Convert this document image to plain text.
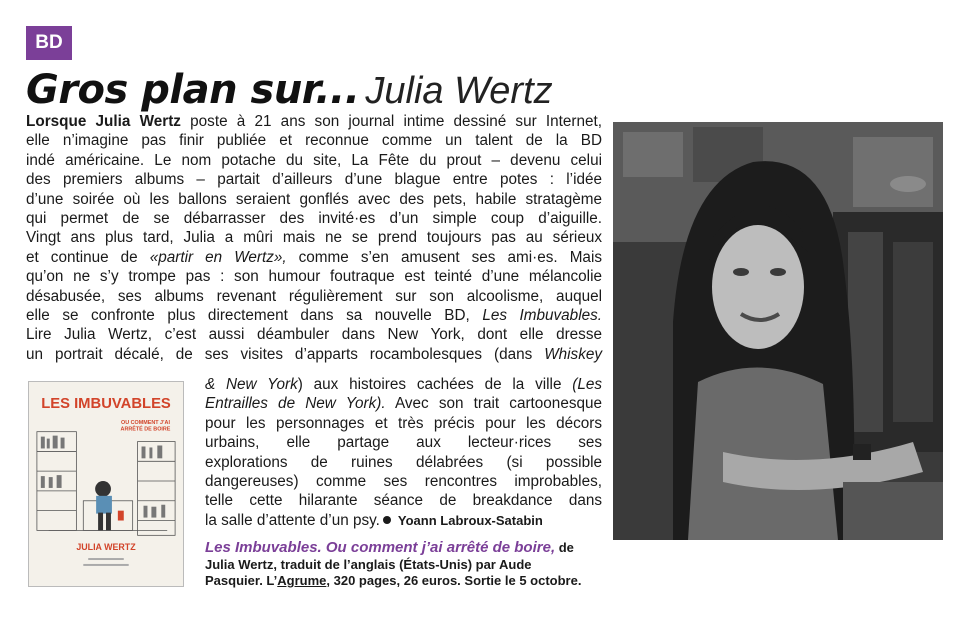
BD
Gros plan sur... Julia Wertz
Lorsque Julia Wertz poste à 21 ans son journal intime dessiné sur Internet,
elle n’imagine pas finir publiée et reconnue comme un talent de la BD
indé américaine. Le nom potache du site, La Fête du prout – devenu celui
des premiers albums – partait d’ailleurs d’une blague entre potes : l’idée
d’une soirée où les ballons seraient gonflés avec des pets, habile stratagème
qui permet de se débarrasser des invité·es d’un simple coup d’aiguille.
Vingt ans plus tard, Julia a mûri mais ne se prend toujours pas au sérieux
et continue de «partir en Wertz», comme s’en amusent ses ami·es. Mais
qu’on ne s’y trompe pas : son humour foutraque est teinté d’une mélancolie
désabusée, ses albums revenant régulièrement sur son alcoolisme, auquel
elle se confronte plus directement dans sa nouvelle BD, Les Imbuvables.
Lire Julia Wertz, c’est aussi déambuler dans New York, dont elle dresse
un portrait décalé, de ses visites d’apparts rocambolesques (dans Whiskey
& New York) aux histoires cachées de la ville (Les
Entrailles de New York). Avec son trait cartoonesque
pour les personnages et très précis pour les décors
urbains, elle partage aux lecteur·rices ses
explorations de ruines délabrées (si possible
dangereuses) comme ses rencontres improbables,
telle cette hilarante séance de breakdance dans
la salle d’attente d’un psy. Yoann Labroux-Satabin
LES IMBUVABLES
OU COMMENT J’AI
ARRÊTÉ DE BOIRE
JULIA WERTZ	Les Imbuvables. Ou comment j’ai arrêté de boire, de Julia Wertz, traduit de l’anglais (États-Unis) par Aude
Pasquier. L’Agrume, 320 pages, 26 euros. Sortie le 5 octobre.
